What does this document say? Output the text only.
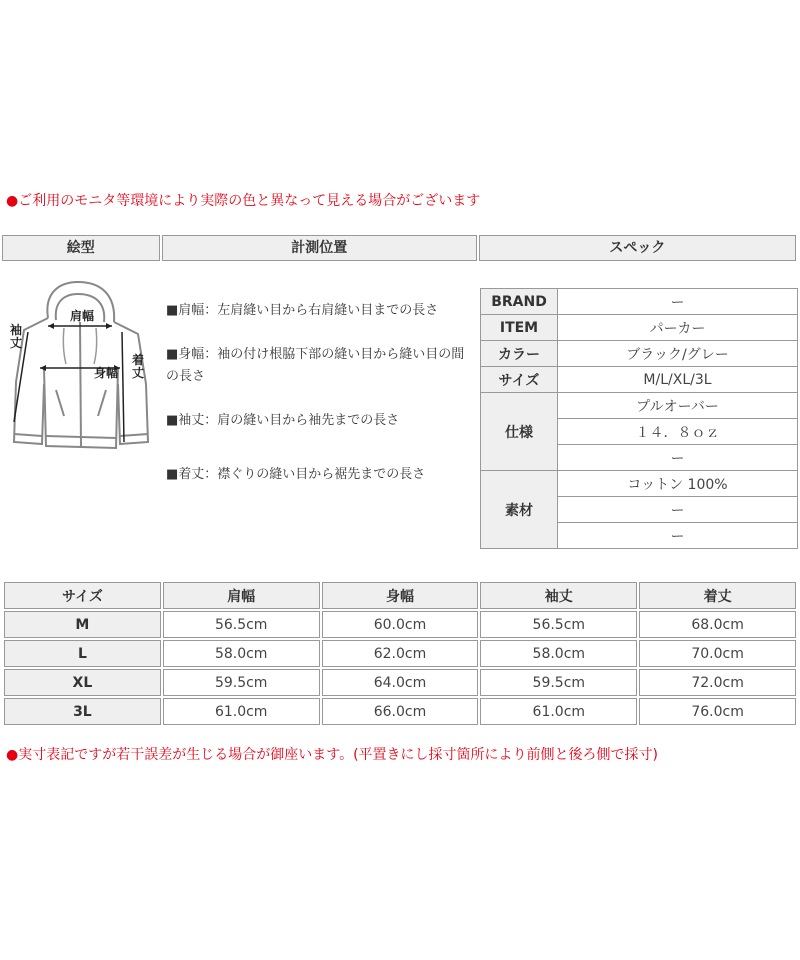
●ご利用のモニタ等環境により実際の色と異なって見える場合がございます
絵型	計測位置	スペック
肩幅
袖丈
身幅
着丈
■肩幅：左肩縫い目から右肩縫い目までの長さ
■身幅：袖の付け根脇下部の縫い目から縫い目の間の長さ
■袖丈：肩の縫い目から袖先までの長さ
■着丈：襟ぐりの縫い目から裾先までの長さ
BRAND	ー
ITEM	パーカー
カラー	ブラック/グレー
サイズ	M/L/XL/3L
仕様	プルオーバー
	１４．８ｏｚ
	ー
素材	コットン 100%
	ー
	ー
サイズ	肩幅	身幅	袖丈	着丈
M	56.5cm	60.0cm	56.5cm	68.0cm
L	58.0cm	62.0cm	58.0cm	70.0cm
XL	59.5cm	64.0cm	59.5cm	72.0cm
3L	61.0cm	66.0cm	61.0cm	76.0cm
●実寸表記ですが若干誤差が生じる場合が御座います。(平置きにし採寸箇所により前側と後ろ側で採寸)
